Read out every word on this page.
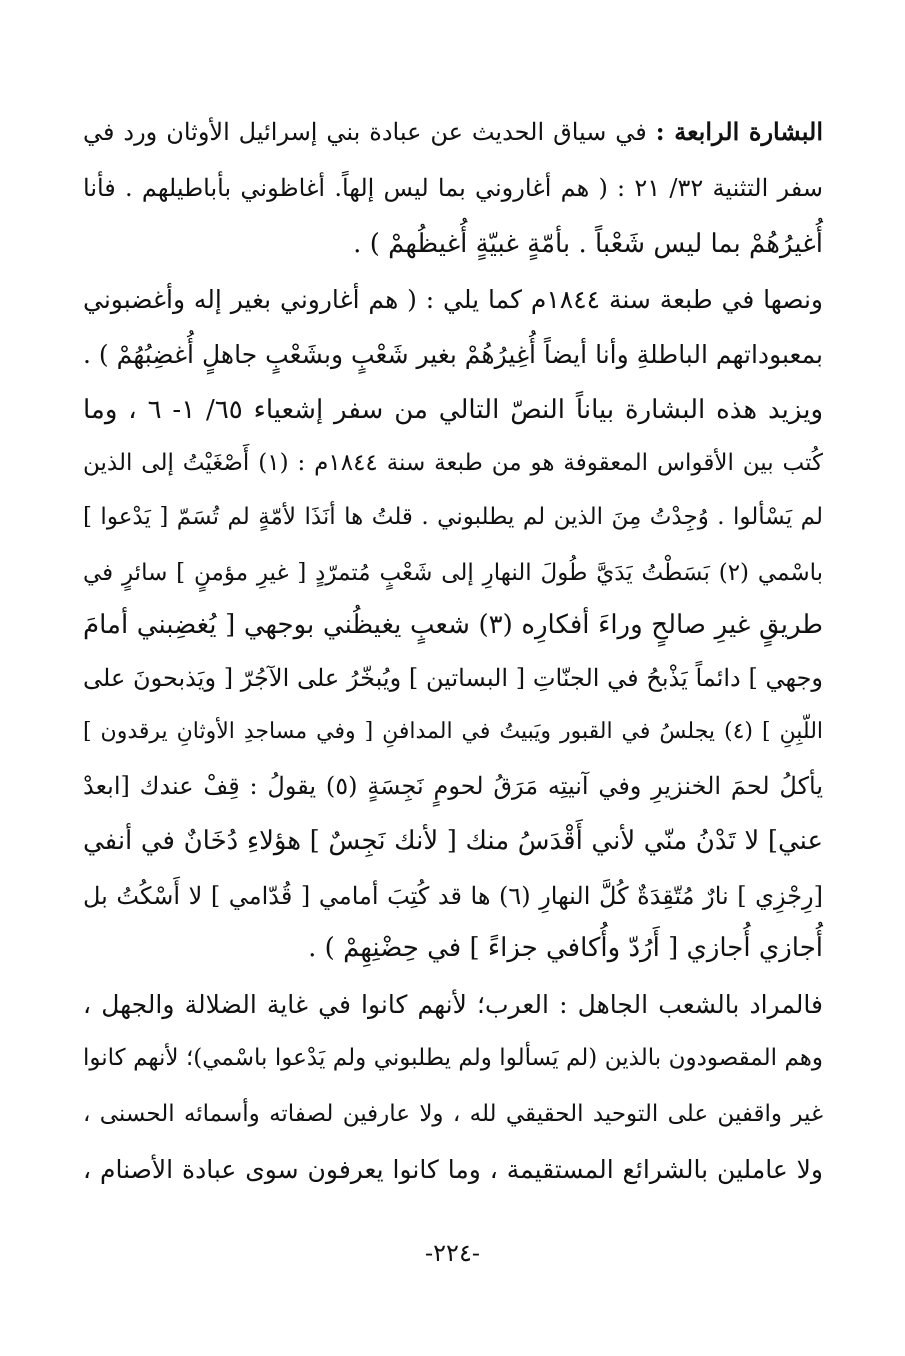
البشارة الرابعة : في سياق الحديث عن عبادة بني إسرائيل الأوثان ورد في
سفر التثنية ٣٢/ ٢١ : ( هم أغاروني بما ليس إلهاً. أغاظوني بأباطيلهم . فأنا
أُغيرُهُمْ بما ليس شَعْباً . بأمّةٍ غبيّةٍ أُغيظُهمْ ) .
ونصها في طبعة سنة ١٨٤٤م كما يلي : ( هم أغاروني بغير إله وأغضبوني
بمعبوداتهم الباطلةِ وأنا أيضاً أُغِيرُهُمْ بغير شَعْبٍ وبشَعْبٍ جاهلٍ أُغضِبُهُمْ ) .
ويزيد هذه البشارة بياناً النصّ التالي من سفر إشعياء ٦٥/ ١- ٦ ، وما
كُتب بين الأقواس المعقوفة هو من طبعة سنة ١٨٤٤م : (١) أَصْغَيْتُ إلى الذين
لم يَسْألوا . وُجِدْتُ مِنَ الذين لم يطلبوني . قلتُ ها أنَذَا لأمّةٍ لم تُسَمّ [ يَدْعوا ]
باسْمي (٢) بَسَطْتُ يَدَيَّ طُولَ النهارِ إلى شَعْبٍ مُتمرّدٍ [ غيرِ مؤمنٍ ] سائرٍ في
طريقٍ غيرِ صالحٍ وراءَ أفكارِه (٣) شعبٍ يغيظُني بوجهي [ يُغضِبني أمامَ
وجهي ] دائماً يَذْبحُ في الجنّاتِ [ البساتين ] ويُبخّرُ على الآجُرّ [ ويَذبحونَ على
اللّبِنِ ] (٤) يجلسُ في القبور ويَبيتُ في المدافنِ [ وفي مساجدِ الأوثانِ يرقدون ]
يأكلُ لحمَ الخنزيرِ وفي آنيتِه مَرَقُ لحومٍ نَجِسَةٍ (٥) يقولُ : قِفْ عندك [ابعدْ
عني] لا تَدْنُ منّي لأني أَقْدَسُ منك [ لأنك نَجِسٌ ] هؤلاءِ دُخَانٌ في أنفي
[رِجْزِي ] نارٌ مُتّقِدَةٌ كُلَّ النهارِ (٦) ها قد كُتِبَ أمامي [ قُدّامي ] لا أَسْكُتُ بل
أُجازي أُجازي [ أَرُدّ وأُكافي جزاءً ] في حِضْنِهِمْ ) .
فالمراد بالشعب الجاهل : العرب؛ لأنهم كانوا في غاية الضلالة والجهل ،
وهم المقصودون بالذين (لم يَسألوا ولم يطلبوني ولم يَدْعوا باسْمي)؛ لأنهم كانوا
غير واقفين على التوحيد الحقيقي لله ، ولا عارفين لصفاته وأسمائه الحسنى ،
ولا عاملين بالشرائع المستقيمة ، وما كانوا يعرفون سوى عبادة الأصنام ،
-٢٢٤-
